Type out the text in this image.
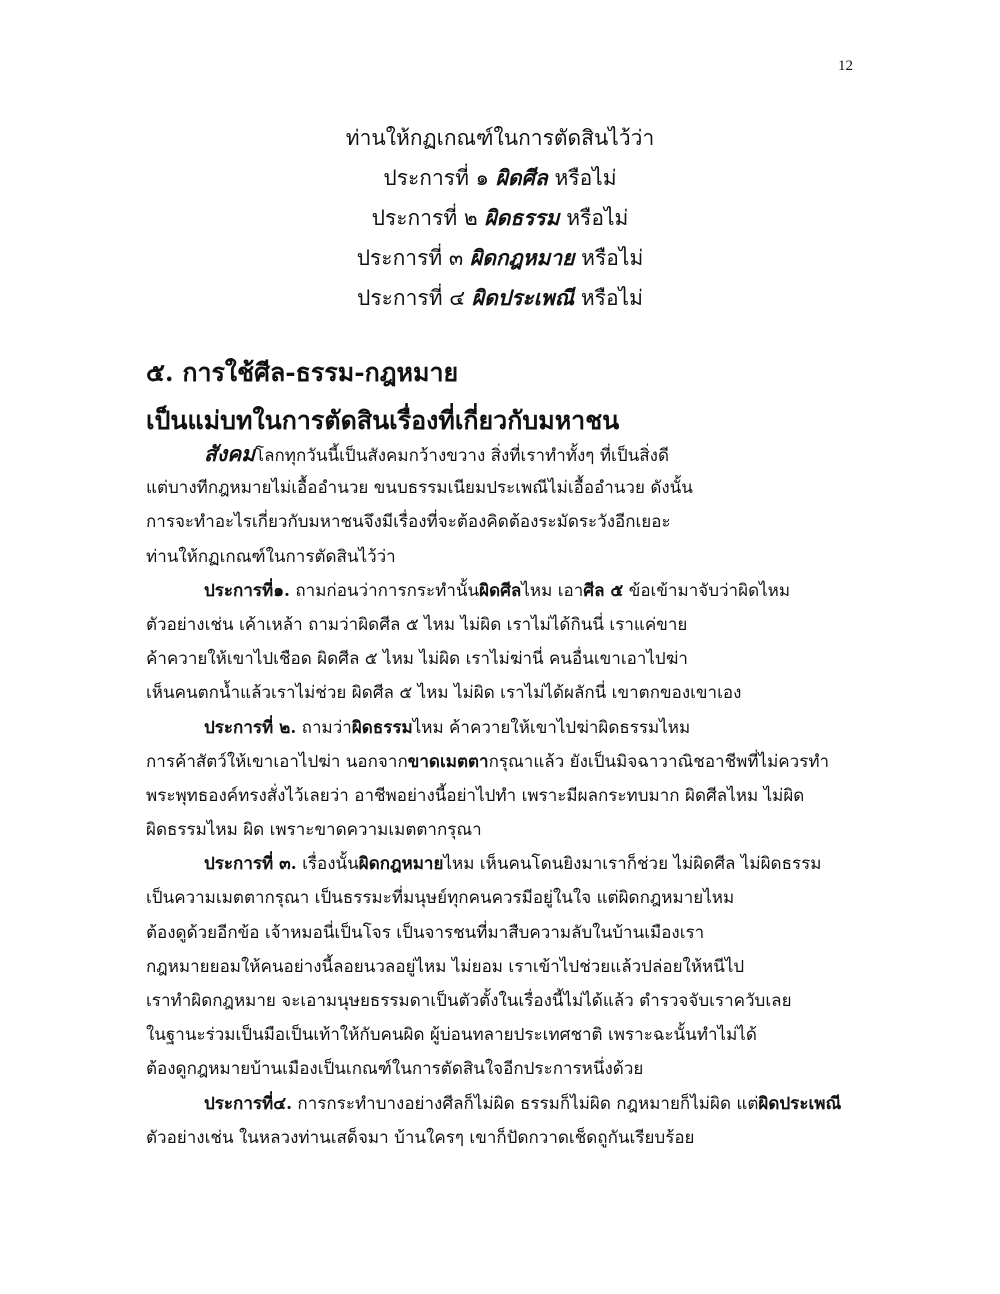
12
ท่านให้กฏเกณฑ์ในการตัดสินไว้ว่า
ประการที่ ๑ ผิดศีล หรือไม่
ประการที่ ๒ ผิดธรรม หรือไม่
ประการที่ ๓ ผิดกฎหมาย หรือไม่
ประการที่ ๔ ผิดประเพณี หรือไม่
๕. การใช้ศีล-ธรรม-กฎหมาย
เป็นแม่บทในการตัดสินเรื่องที่เกี่ยวกับมหาชน
สังคมโลกทุกวันนี้เป็นสังคมกว้างขวาง สิ่งที่เราทำทั้งๆ ที่เป็นสิ่งดี
แต่บางทีกฎหมายไม่เอื้ออำนวย ขนบธรรมเนียมประเพณีไม่เอื้ออำนวย ดังนั้น
การจะทำอะไรเกี่ยวกับมหาชนจึงมีเรื่องที่จะต้องคิดต้องระมัดระวังอีกเยอะ
ท่านให้กฏเกณฑ์ในการตัดสินไว้ว่า
ประการที่๑. ถามก่อนว่าการกระทำนั้นผิดศีลไหม เอาศีล ๕ ข้อเข้ามาจับว่าผิดไหม
ตัวอย่างเช่น เค้าเหล้า ถามว่าผิดศีล ๕ ไหม ไม่ผิด เราไม่ได้กินนี่ เราแค่ขาย
ค้าควายให้เขาไปเชือด ผิดศีล ๕ ไหม ไม่ผิด เราไม่ฆ่านี่ คนอื่นเขาเอาไปฆ่า
เห็นคนตกน้ำแล้วเราไม่ช่วย ผิดศีล ๕ ไหม ไม่ผิด เราไม่ได้ผลักนี่ เขาตกของเขาเอง
ประการที่ ๒. ถามว่าผิดธรรมไหม ค้าควายให้เขาไปฆ่าผิดธรรมไหม
การค้าสัตว์ให้เขาเอาไปฆ่า นอกจากขาดเมตตากรุณาแล้ว ยังเป็นมิจฉาวาณิชอาชีพที่ไม่ควรทำ
พระพุทธองค์ทรงสั่งไว้เลยว่า อาชีพอย่างนี้อย่าไปทำ เพราะมีผลกระทบมาก ผิดศีลไหม ไม่ผิด
ผิดธรรมไหม ผิด เพราะขาดความเมตตากรุณา
ประการที่ ๓. เรื่องนั้นผิดกฎหมายไหม เห็นคนโดนยิงมาเราก็ช่วย ไม่ผิดศีล ไม่ผิดธรรม
เป็นความเมตตากรุณา เป็นธรรมะที่มนุษย์ทุกคนควรมีอยู่ในใจ แต่ผิดกฎหมายไหม
ต้องดูด้วยอีกข้อ เจ้าหมอนี่เป็นโจร เป็นจารชนที่มาสืบความลับในบ้านเมืองเรา
กฎหมายยอมให้คนอย่างนี้ลอยนวลอยู่ไหม ไม่ยอม เราเข้าไปช่วยแล้วปล่อยให้หนีไป
เราทำผิดกฎหมาย จะเอามนุษยธรรมดาเป็นตัวตั้งในเรื่องนี้ไม่ได้แล้ว ตำรวจจับเราควับเลย
ในฐานะร่วมเป็นมือเป็นเท้าให้กับคนผิด ผู้บ่อนทลายประเทศชาติ เพราะฉะนั้นทำไม่ได้
ต้องดูกฎหมายบ้านเมืองเป็นเกณฑ์ในการตัดสินใจอีกประการหนึ่งด้วย
ประการที่๔. การกระทำบางอย่างศีลก็ไม่ผิด ธรรมก็ไม่ผิด กฎหมายก็ไม่ผิด แต่ผิดประเพณี
ตัวอย่างเช่น ในหลวงท่านเสด็จมา บ้านใครๆ เขาก็ปัดกวาดเช็ดถูกันเรียบร้อย
